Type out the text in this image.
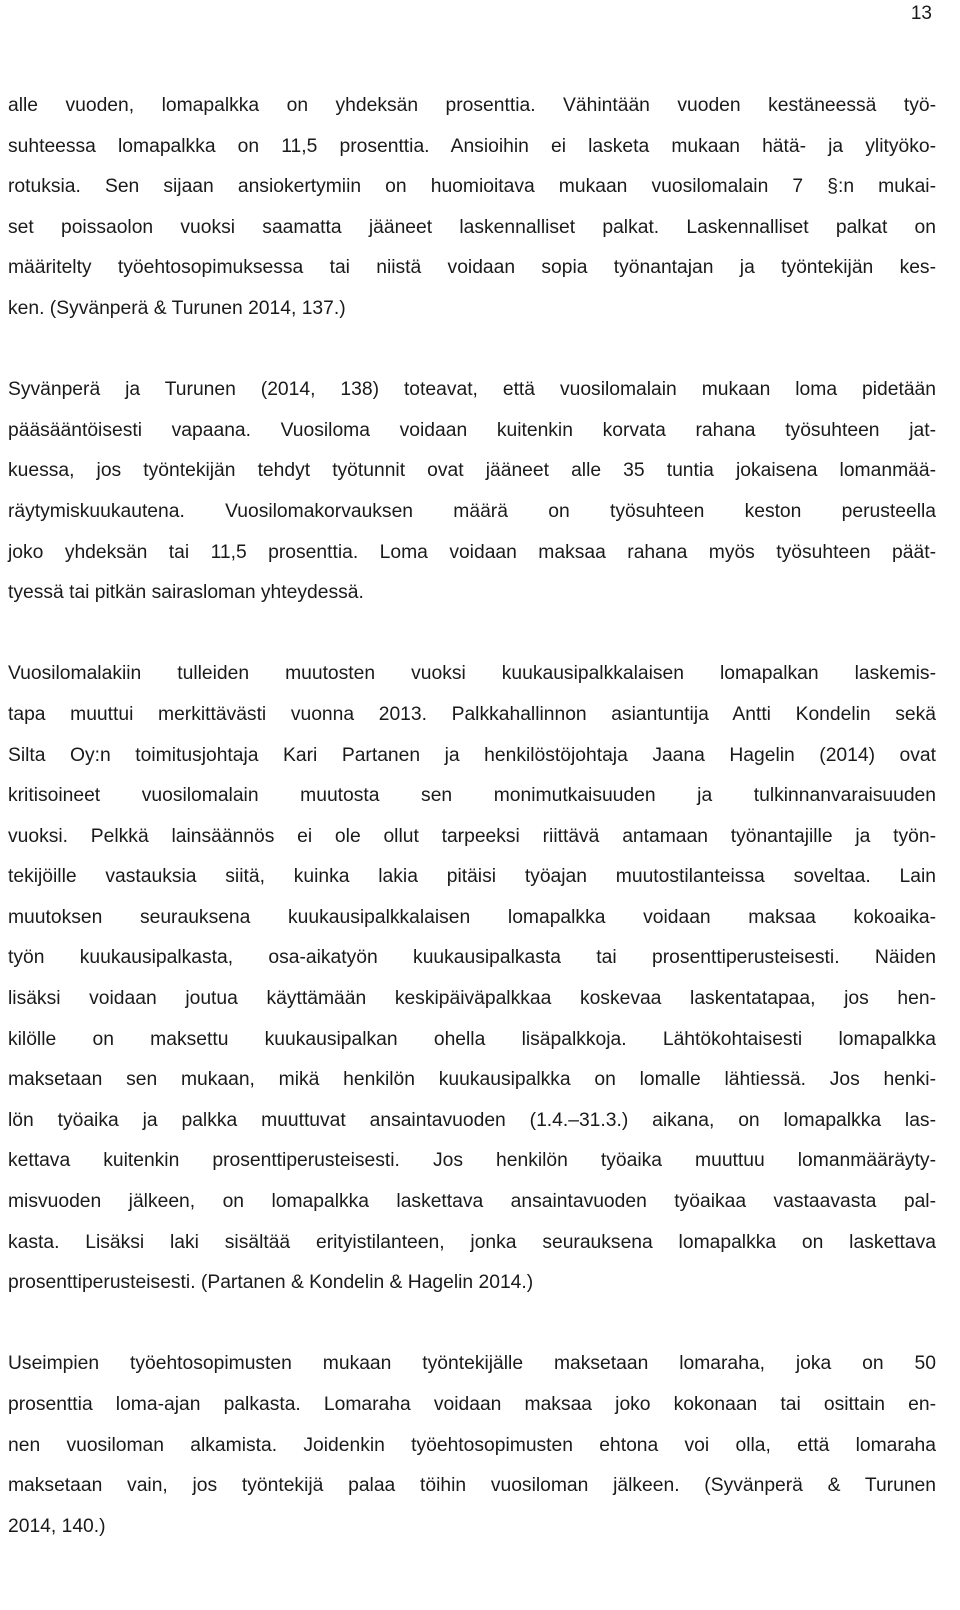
13
alle vuoden, lomapalkka on yhdeksän prosenttia. Vähintään vuoden kestäneessä työ-
suhteessa lomapalkka on 11,5 prosenttia. Ansioihin ei lasketa mukaan hätä- ja ylityöko-
rotuksia. Sen sijaan ansiokertymiin on huomioitava mukaan vuosilomalain 7 §:n mukai-
set poissaolon vuoksi saamatta jääneet laskennalliset palkat. Laskennalliset palkat on
määritelty työehtosopimuksessa tai niistä voidaan sopia työnantajan ja työntekijän kes-
ken. (Syvänperä & Turunen 2014, 137.)
Syvänperä ja Turunen (2014, 138) toteavat, että vuosilomalain mukaan loma pidetään
pääsääntöisesti vapaana. Vuosiloma voidaan kuitenkin korvata rahana työsuhteen jat-
kuessa, jos työntekijän tehdyt työtunnit ovat jääneet alle 35 tuntia jokaisena lomanmää-
räytymiskuukautena. Vuosilomakorvauksen määrä on työsuhteen keston perusteella
joko yhdeksän tai 11,5 prosenttia. Loma voidaan maksaa rahana myös työsuhteen päät-
tyessä tai pitkän sairasloman yhteydessä.
Vuosilomalakiin tulleiden muutosten vuoksi kuukausipalkkalaisen lomapalkan laskemis-
tapa muuttui merkittävästi vuonna 2013. Palkkahallinnon asiantuntija Antti Kondelin sekä
Silta Oy:n toimitusjohtaja Kari Partanen ja henkilöstöjohtaja Jaana Hagelin (2014) ovat
kritisoineet vuosilomalain muutosta sen monimutkaisuuden ja tulkinnanvaraisuuden
vuoksi. Pelkkä lainsäännös ei ole ollut tarpeeksi riittävä antamaan työnantajille ja työn-
tekijöille vastauksia siitä, kuinka lakia pitäisi työajan muutostilanteissa soveltaa. Lain
muutoksen seurauksena kuukausipalkkalaisen lomapalkka voidaan maksaa kokoaika-
työn kuukausipalkasta, osa-aikatyön kuukausipalkasta tai prosenttiperusteisesti. Näiden
lisäksi voidaan joutua käyttämään keskipäiväpalkkaa koskevaa laskentatapaa, jos hen-
kilölle on maksettu kuukausipalkan ohella lisäpalkkoja. Lähtökohtaisesti lomapalkka
maksetaan sen mukaan, mikä henkilön kuukausipalkka on lomalle lähtiessä. Jos henki-
lön työaika ja palkka muuttuvat ansaintavuoden (1.4.–31.3.) aikana, on lomapalkka las-
kettava kuitenkin prosenttiperusteisesti. Jos henkilön työaika muuttuu lomanmääräyty-
misvuoden jälkeen, on lomapalkka laskettava ansaintavuoden työaikaa vastaavasta pal-
kasta. Lisäksi laki sisältää erityistilanteen, jonka seurauksena lomapalkka on laskettava
prosenttiperusteisesti. (Partanen & Kondelin & Hagelin 2014.)
Useimpien työehtosopimusten mukaan työntekijälle maksetaan lomaraha, joka on 50
prosenttia loma-ajan palkasta. Lomaraha voidaan maksaa joko kokonaan tai osittain en-
nen vuosiloman alkamista. Joidenkin työehtosopimusten ehtona voi olla, että lomaraha
maksetaan vain, jos työntekijä palaa töihin vuosiloman jälkeen. (Syvänperä & Turunen
2014, 140.)
